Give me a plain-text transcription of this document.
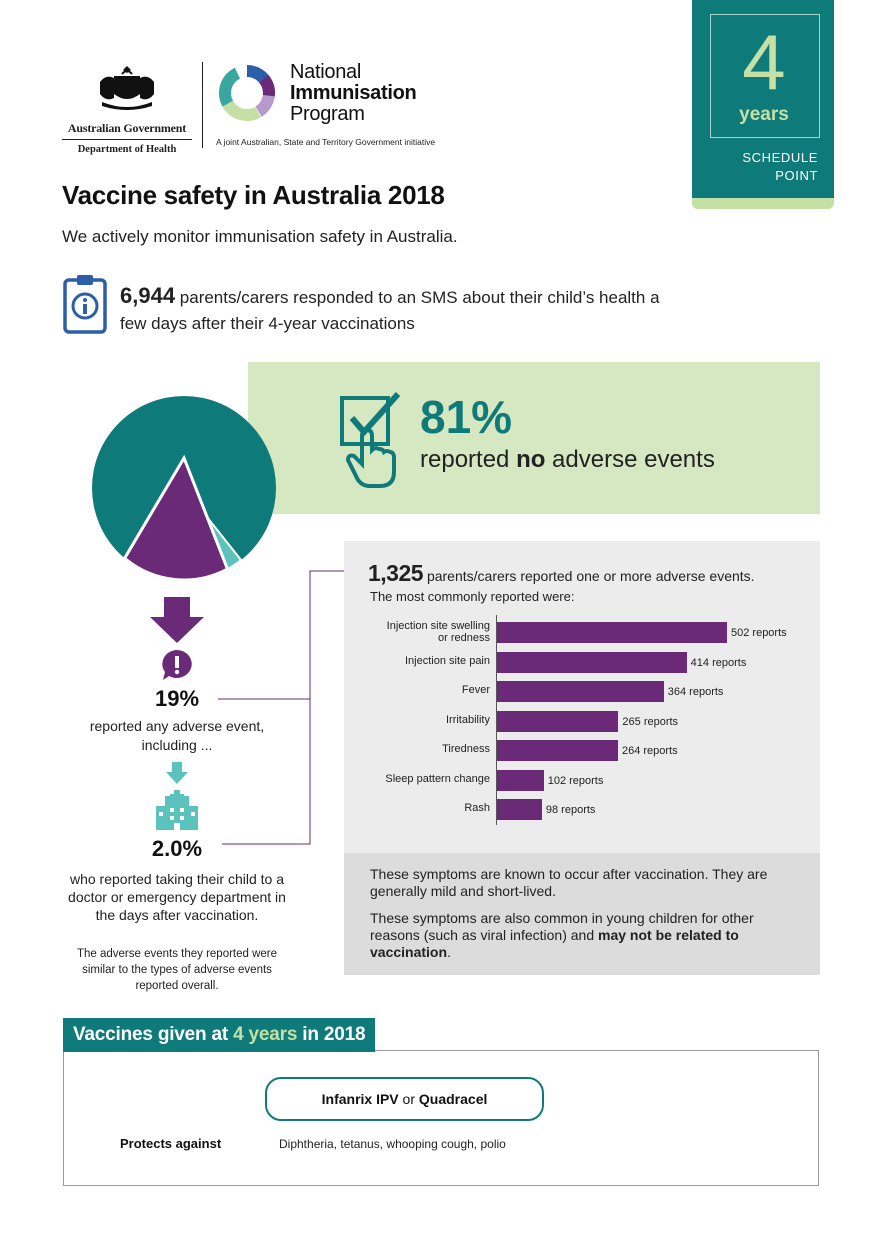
Australian Government
Department of Health
National
Immunisation
Program
A joint Australian, State and Territory Government initiative
4
years
SCHEDULE
POINT
Vaccine safety in Australia 2018
We actively monitor immunisation safety in Australia.
6,944 parents/carers responded to an SMS about their child’s health a few days after their 4-year vaccinations
81%
reported no adverse events
19%
reported any adverse event, including ...
2.0%
who reported taking their child to a doctor or emergency department in the days after vaccination.
The adverse events they reported were similar to the types of adverse events reported overall.
1,325 parents/carers reported one or more adverse events.
The most commonly reported were:
502 reports
Injection site swelling
or redness
414 reports
Injection site pain
364 reports
Fever
265 reports
Irritability
264 reports
Tiredness
102 reports
Sleep pattern change
98 reports
Rash
These symptoms are known to occur after vaccination. They are generally mild and short-lived.
These symptoms are also common in young children for other reasons (such as viral infection) and may not be related to vaccination.
Vaccines given at 4 years in 2018
Infanrix IPV or Quadracel
Protects against	Diphtheria, tetanus, whooping cough, polio
